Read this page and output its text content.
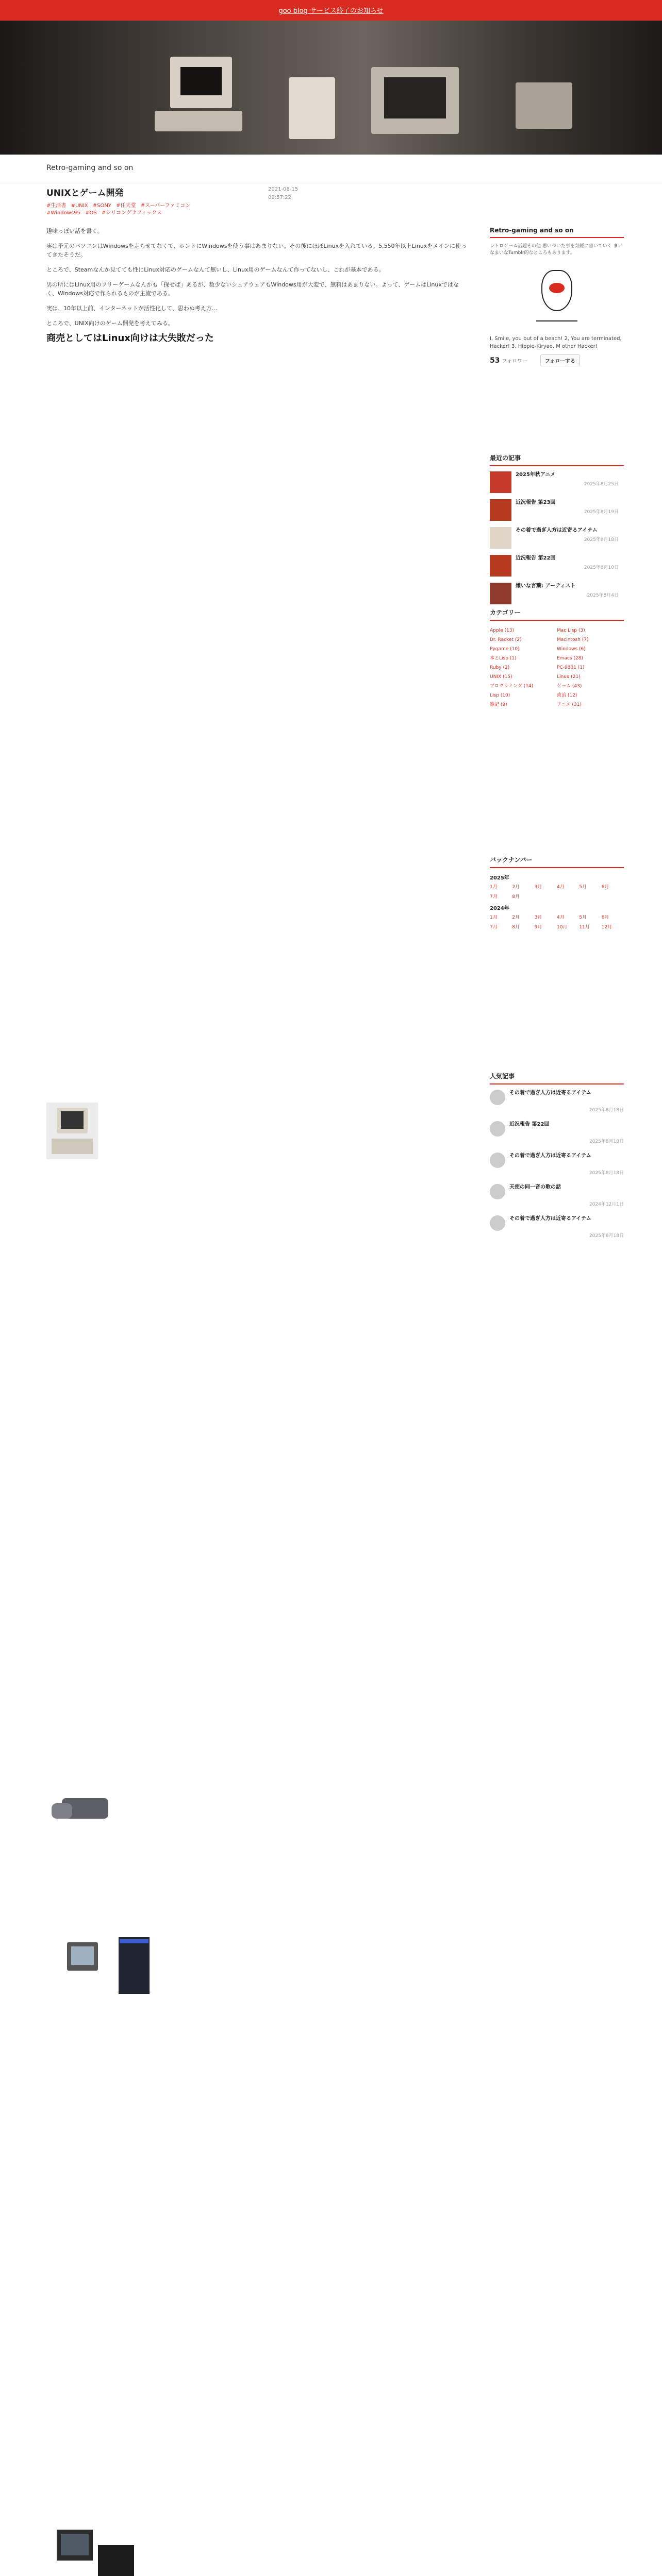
goo blog サービス終了のお知らせ
Retro-gaming and so on
UNIXとゲーム開発
#生活書 #UNIX #SONY #任天堂 #スーパーファミコン
#Windows95 #OS #シリコングラフィックス
2021-08-15
09:57:22

趣味っぽい話を書く。

実は予元のパソコンはWindowsを走らせてなくて、ホントにWindowsを使う事はあまりない。その後にほぼLinuxを入れている。5,550年以上Linuxをメインに使ってきたそうだ。

ところで、Steamなんか見てても性にLinux対応のゲームなんて無いし、Linux用のゲームなんて作ってないし、これが基本である。

男の所にはLinux用のフリーゲームなんかも「探せば」あるが、数少ないシェアウェアもWindows用が大変で、無料はあまりない。よって、ゲームはLinuxではなく、Windows対応で作られるものが主流である。

実は、10年以上前、インターネットが活性化して、思わぬ考え方...

ところで、UNIX向けのゲーム開発を考えてみる。

商売としてはLinux向けは大失敗だった

Retro-gaming and so on
レトロゲーム話題その他 思いついた事を気軽に書いていく まいなまいなTumblr的なところもあります。
I, Smile, you but of a beach! 2, You are terminated, Hacker! 3, Hippie-Kiryao, M other Hacker!
53 フォロワー	フォローする
最近の記事
2025年秋アニメ
2025年8月25日
近況報告 第23回
2025年8月19日
その着で過ぎ人方は近寄るアイテム
2025年8月18日
近況報告 第22回
2025年8月10日
嫌いな言葉: アーティスト
2025年8月4日
カテゴリー
Apple (13)	Mac Lisp (3)
Dr. Racket (2)	Macintosh (7)
Pygame (10)	Windows (6)
本とLisp (1)	Emacs (28)
Ruby (2)	PC-9801 (1)
UNIX (15)	Linux (21)
プログラミング (14)	ゲーム (43)
Lisp (10)	政治 (12)
雑記 (9)	アニメ (31)
バックナンバー
2025年
1月	2月	3月	4月	5月	6月
7月	8月
2024年
1月	2月	3月	4月	5月	6月
7月	8月	9月	10月	11月	12月
人気記事
その着で過ぎ人方は近寄るアイテム
2025年8月18日
近況報告 第22回
2025年8月10日
その着で過ぎ人方は近寄るアイテム
2025年8月18日
天使の同一音の歌の話
2024年12月1日
その着で過ぎ人方は近寄るアイテム
2025年8月18日
